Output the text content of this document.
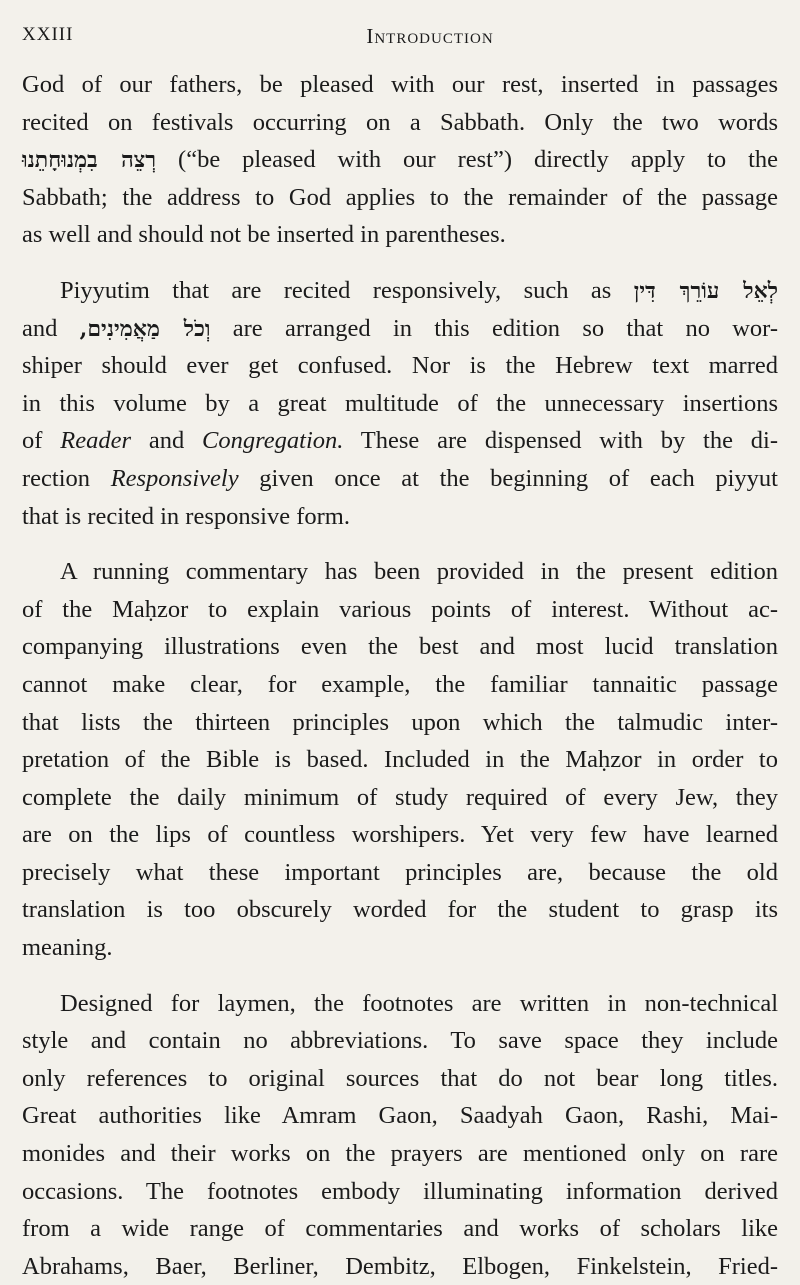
XXIII	Introduction
God of our fathers, be pleased with our rest, inserted in passages
recited on festivals occurring on a Sabbath. Only the two words
רְצֵה בִמְנוּחָתֵנוּ (“be pleased with our rest”) directly apply to the
Sabbath; the address to God applies to the remainder of the passage
as well and should not be inserted in parentheses.
Piyyutim that are recited responsively, such as לְאֵל עוֹרֵךְ דִּין
and וְכֹל מַאֲמִינִים, are arranged in this edition so that no wor-
shiper should ever get confused. Nor is the Hebrew text marred
in this volume by a great multitude of the unnecessary insertions
of Reader and Congregation. These are dispensed with by the di-
rection Responsively given once at the beginning of each piyyut
that is recited in responsive form.
A running commentary has been provided in the present edition
of the Maḥzor to explain various points of interest. Without ac-
companying illustrations even the best and most lucid translation
cannot make clear, for example, the familiar tannaitic passage
that lists the thirteen principles upon which the talmudic inter-
pretation of the Bible is based. Included in the Maḥzor in order to
complete the daily minimum of study required of every Jew, they
are on the lips of countless worshipers. Yet very few have learned
precisely what these important principles are, because the old
translation is too obscurely worded for the student to grasp its
meaning.
Designed for laymen, the footnotes are written in non-technical
style and contain no abbreviations. To save space they include
only references to original sources that do not bear long titles.
Great authorities like Amram Gaon, Saadyah Gaon, Rashi, Mai-
monides and their works on the prayers are mentioned only on rare
occasions. The footnotes embody illuminating information derived
from a wide range of commentaries and works of scholars like
Abrahams, Baer, Berliner, Dembitz, Elbogen, Finkelstein, Fried-
